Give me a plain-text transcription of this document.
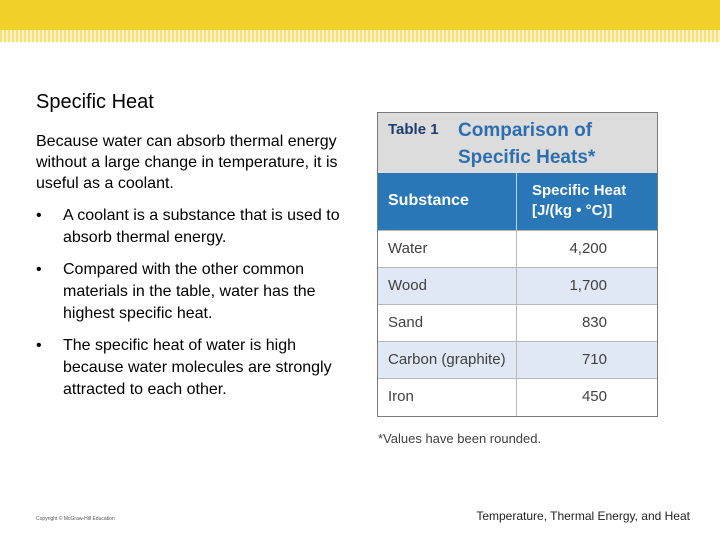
Specific Heat

Because water can absorb thermal energy without a large change in temperature, it is useful as a coolant.

• A coolant is a substance that is used to absorb thermal energy.
• Compared with the other common materials in the table, water has the highest specific heat.
• The specific heat of water is high because water molecules are strongly attracted to each other.
Table 1 Comparison of
Specific Heats*
Substance
Specific Heat
[J/(kg • °C)]
Water	4,200
Wood	1,700
Sand	830
Carbon (graphite)	710
Iron	450
*Values have been rounded.
Copyright © McGraw-Hill Education	Temperature, Thermal Energy, and Heat
